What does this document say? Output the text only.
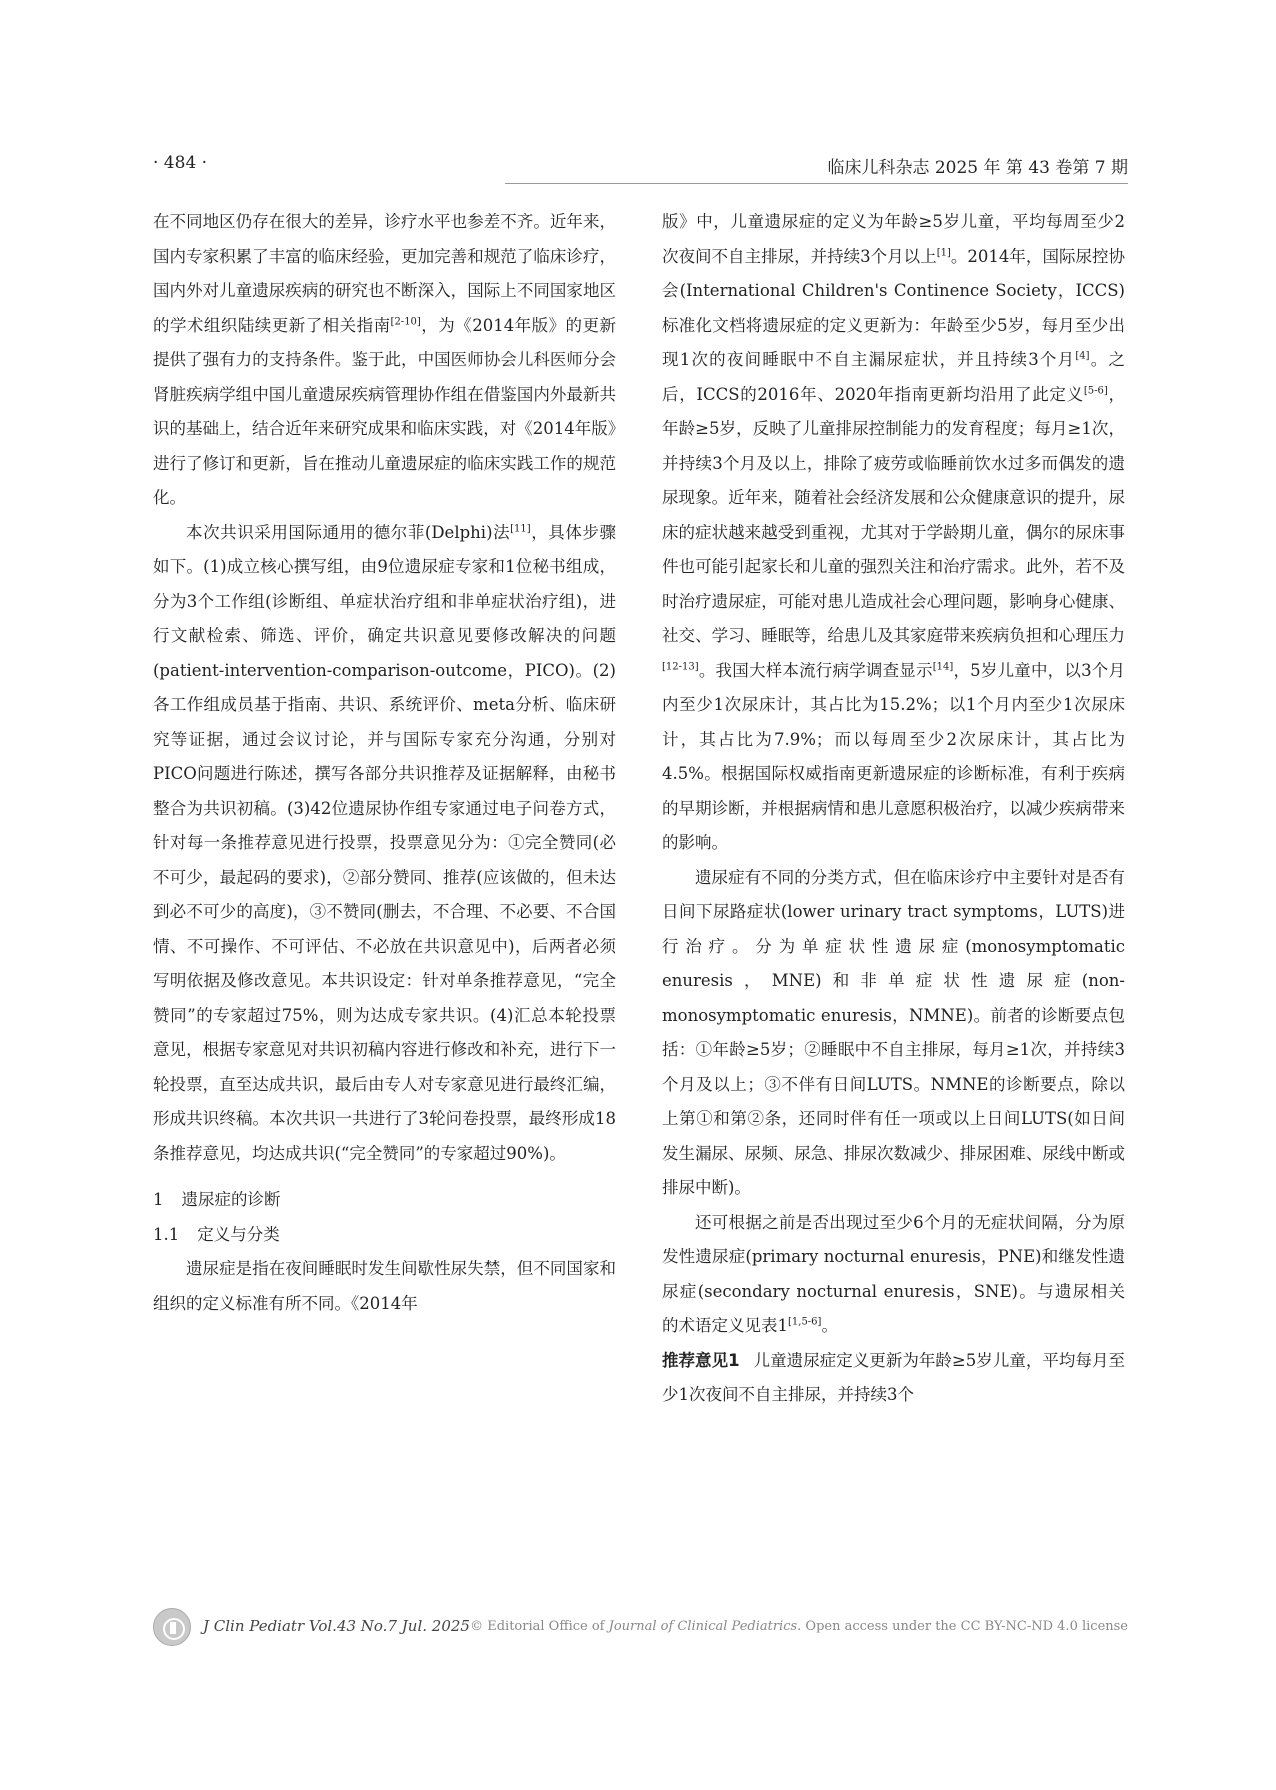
· 484 ·	临床儿科杂志 2025 年 第 43 卷第 7 期

在不同地区仍存在很大的差异，诊疗水平也参差不齐。近年来，国内专家积累了丰富的临床经验，更加完善和规范了临床诊疗，国内外对儿童遗尿疾病的研究也不断深入，国际上不同国家地区的学术组织陆续更新了相关指南[2-10]，为《2014年版》的更新提供了强有力的支持条件。鉴于此，中国医师协会儿科医师分会肾脏疾病学组中国儿童遗尿疾病管理协作组在借鉴国内外最新共识的基础上，结合近年来研究成果和临床实践，对《2014年版》进行了修订和更新，旨在推动儿童遗尿症的临床实践工作的规范化。

本次共识采用国际通用的德尔菲(Delphi)法[11]，具体步骤如下。(1)成立核心撰写组，由9位遗尿症专家和1位秘书组成，分为3个工作组(诊断组、单症状治疗组和非单症状治疗组)，进行文献检索、筛选、评价，确定共识意见要修改解决的问题(patient-intervention-comparison-outcome，PICO)。(2)各工作组成员基于指南、共识、系统评价、meta分析、临床研究等证据，通过会议讨论，并与国际专家充分沟通，分别对PICO问题进行陈述，撰写各部分共识推荐及证据解释，由秘书整合为共识初稿。(3)42位遗尿协作组专家通过电子问卷方式，针对每一条推荐意见进行投票，投票意见分为：①完全赞同(必不可少，最起码的要求)，②部分赞同、推荐(应该做的，但未达到必不可少的高度)，③不赞同(删去，不合理、不必要、不合国情、不可操作、不可评估、不必放在共识意见中)，后两者必须写明依据及修改意见。本共识设定：针对单条推荐意见，“完全赞同”的专家超过75%，则为达成专家共识。(4)汇总本轮投票意见，根据专家意见对共识初稿内容进行修改和补充，进行下一轮投票，直至达成共识，最后由专人对专家意见进行最终汇编，形成共识终稿。本次共识一共进行了3轮问卷投票，最终形成18条推荐意见，均达成共识(“完全赞同”的专家超过90%)。

1 遗尿症的诊断

1.1 定义与分类

遗尿症是指在夜间睡眠时发生间歇性尿失禁，但不同国家和组织的定义标准有所不同。《2014年

版》中，儿童遗尿症的定义为年龄≥5岁儿童，平均每周至少2次夜间不自主排尿，并持续3个月以上[1]。2014年，国际尿控协会(International Children's Continence Society，ICCS)标准化文档将遗尿症的定义更新为：年龄至少5岁，每月至少出现1次的夜间睡眠中不自主漏尿症状，并且持续3个月[4]。之后，ICCS的2016年、2020年指南更新均沿用了此定义[5-6]，年龄≥5岁，反映了儿童排尿控制能力的发育程度；每月≥1次，并持续3个月及以上，排除了疲劳或临睡前饮水过多而偶发的遗尿现象。近年来，随着社会经济发展和公众健康意识的提升，尿床的症状越来越受到重视，尤其对于学龄期儿童，偶尔的尿床事件也可能引起家长和儿童的强烈关注和治疗需求。此外，若不及时治疗遗尿症，可能对患儿造成社会心理问题，影响身心健康、社交、学习、睡眠等，给患儿及其家庭带来疾病负担和心理压力[12-13]。我国大样本流行病学调查显示[14]，5岁儿童中，以3个月内至少1次尿床计，其占比为15.2%；以1个月内至少1次尿床计，其占比为7.9%；而以每周至少2次尿床计，其占比为4.5%。根据国际权威指南更新遗尿症的诊断标准，有利于疾病的早期诊断，并根据病情和患儿意愿积极治疗，以减少疾病带来的影响。

遗尿症有不同的分类方式，但在临床诊疗中主要针对是否有日间下尿路症状(lower urinary tract symptoms，LUTS)进行治疗。分为单症状性遗尿症(monosymptomatic enuresis，MNE)和非单症状性遗尿症(non-monosymptomatic enuresis，NMNE)。前者的诊断要点包括：①年龄≥5岁；②睡眠中不自主排尿，每月≥1次，并持续3个月及以上；③不伴有日间LUTS。NMNE的诊断要点，除以上第①和第②条，还同时伴有任一项或以上日间LUTS(如日间发生漏尿、尿频、尿急、排尿次数减少、排尿困难、尿线中断或排尿中断)。

还可根据之前是否出现过至少6个月的无症状间隔，分为原发性遗尿症(primary nocturnal enuresis，PNE)和继发性遗尿症(secondary nocturnal enuresis，SNE)。与遗尿相关的术语定义见表1[1,5-6]。

推荐意见1 儿童遗尿症定义更新为年龄≥5岁儿童，平均每月至少1次夜间不自主排尿，并持续3个

J Clin Pediatr Vol.43 No.7 Jul. 2025 © Editorial Office of Journal of Clinical Pediatrics. Open access under the CC BY-NC-ND 4.0 license
